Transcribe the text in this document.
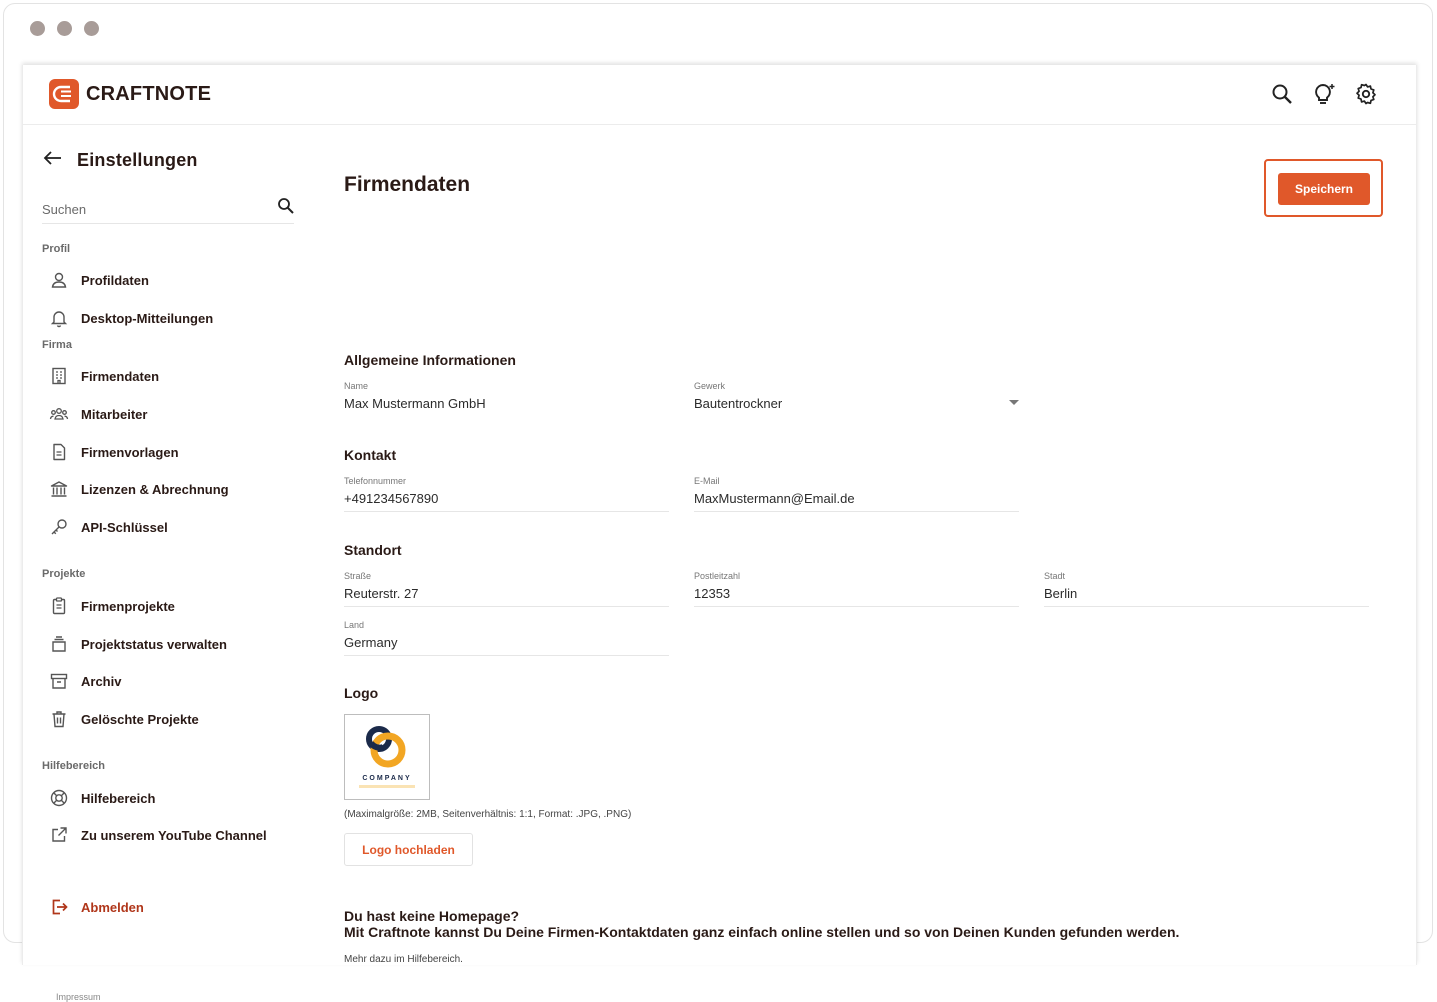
CRAFTNOTE
Einstellungen
Suchen
Profil
Profildaten
Desktop-Mitteilungen
Firma
Firmendaten
Mitarbeiter
Firmenvorlagen
Lizenzen & Abrechnung
API-Schlüssel
Projekte
Firmenprojekte
Projektstatus verwalten
Archiv
Gelöschte Projekte
Hilfebereich
Hilfebereich
Zu unserem YouTube Channel
Abmelden
Impressum
Firmendaten	Speichern
Allgemeine Informationen
Name
Max Mustermann GmbH
Gewerk
Bautentrockner
Kontakt
Telefonnummer
+491234567890
E-Mail
MaxMustermann@Email.de
Standort
Straße
Reuterstr. 27
Postleitzahl
12353
Stadt
Berlin
Land
Germany
Logo
COMPANY
(Maximalgröße: 2MB, Seitenverhältnis: 1:1, Format: .JPG, .PNG)
Logo hochladen
Du hast keine Homepage?
Mit Craftnote kannst Du Deine Firmen-Kontaktdaten ganz einfach online stellen und so von Deinen Kunden gefunden werden.
Mehr dazu im Hilfebereich.
